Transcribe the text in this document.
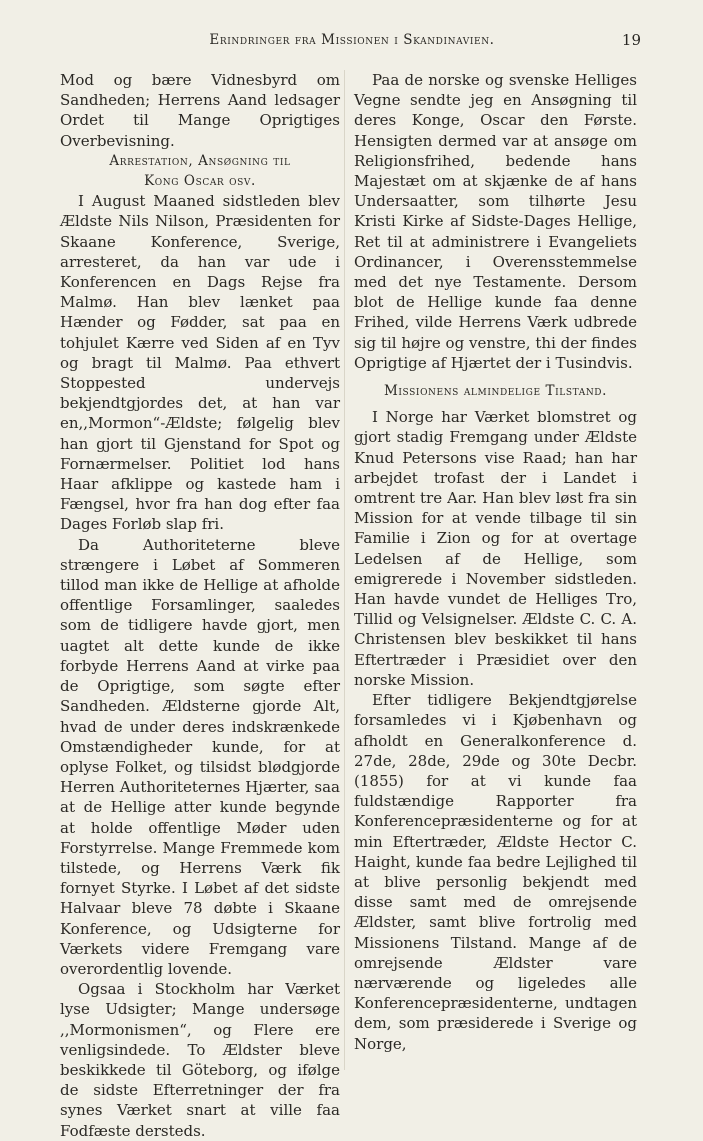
Erindringer fra Missionen i Skandinavien.	19

Mod og bære Vidnesbyrd om Sandheden; Herrens Aand ledsager Ordet til Mange Oprigtiges Overbevisning.

Arrestation, Ansøgning til
Kong Oscar osv.

I August Maaned sidstleden blev Ældste Nils Nilson, Præsidenten for Skaane Konference, Sverige, arresteret, da han var ude i Konferencen en Dags Rejse fra Malmø. Han blev lænket paa Hænder og Fødder, sat paa en tohjulet Kærre ved Siden af en Tyv og bragt til Malmø. Paa ethvert Stoppested undervejs bekjendtgjordes det, at han var en,,Mormon“-Ældste; følgelig blev han gjort til Gjenstand for Spot og Fornærmelser. Politiet lod hans Haar afklippe og kastede ham i Fængsel, hvor fra han dog efter faa Dages Forløb slap fri.

Da Authoriteterne bleve strængere i Løbet af Sommeren tillod man ikke de Hellige at afholde offentlige Forsamlinger, saaledes som de tidligere havde gjort, men uagtet alt dette kunde de ikke forbyde Herrens Aand at virke paa de Oprigtige, som søgte efter Sandheden. Ældsterne gjorde Alt, hvad de under deres indskrænkede Omstændigheder kunde, for at oplyse Folket, og tilsidst blødgjorde Herren Authoriteternes Hjærter, saa at de Hellige atter kunde begynde at holde offentlige Møder uden Forstyrrelse. Mange Fremmede kom tilstede, og Herrens Værk fik fornyet Styrke. I Løbet af det sidste Halvaar bleve 78 døbte i Skaane Konference, og Udsigterne for Værkets videre Fremgang vare overordentlig lovende.

Ogsaa i Stockholm har Værket lyse Udsigter; Mange undersøge ,,Mormonismen“, og Flere ere venligsindede. To Ældster bleve beskikkede til Göteborg, og ifølge de sidste Efterretninger der fra synes Værket snart at ville faa Fodfæste dersteds.

Paa de norske og svenske Helliges Vegne sendte jeg en Ansøgning til deres Konge, Oscar den Første. Hensigten dermed var at ansøge om Religionsfrihed, bedende hans Majestæt om at skjænke de af hans Undersaatter, som tilhørte Jesu Kristi Kirke af Sidste-Dages Hellige, Ret til at administrere i Evangeliets Ordinancer, i Overensstemmelse med det nye Testamente. Dersom blot de Hellige kunde faa denne Frihed, vilde Herrens Værk udbrede sig til højre og venstre, thi der findes Oprigtige af Hjærtet der i Tusindvis.

Missionens almindelige Tilstand.

I Norge har Værket blomstret og gjort stadig Fremgang under Ældste Knud Petersons vise Raad; han har arbejdet trofast der i Landet i omtrent tre Aar. Han blev løst fra sin Mission for at vende tilbage til sin Familie i Zion og for at overtage Ledelsen af de Hellige, som emigrerede i November sidstleden. Han havde vundet de Helliges Tro, Tillid og Velsignelser. Ældste C. C. A. Christensen blev beskikket til hans Eftertræder i Præsidiet over den norske Mission.

Efter tidligere Bekjendtgjørelse forsamledes vi i Kjøbenhavn og afholdt en Generalkonference d. 27de, 28de, 29de og 30te Decbr. (1855) for at vi kunde faa fuldstændige Rapporter fra Konferencepræsidenterne og for at min Eftertræder, Ældste Hector C. Haight, kunde faa bedre Lejlighed til at blive personlig bekjendt med disse samt med de omrejsende Ældster, samt blive fortrolig med Missionens Tilstand. Mange af de omrejsende Ældster vare nærværende og ligeledes alle Konferencepræsidenterne, undtagen dem, som præsiderede i Sverige og Norge,
